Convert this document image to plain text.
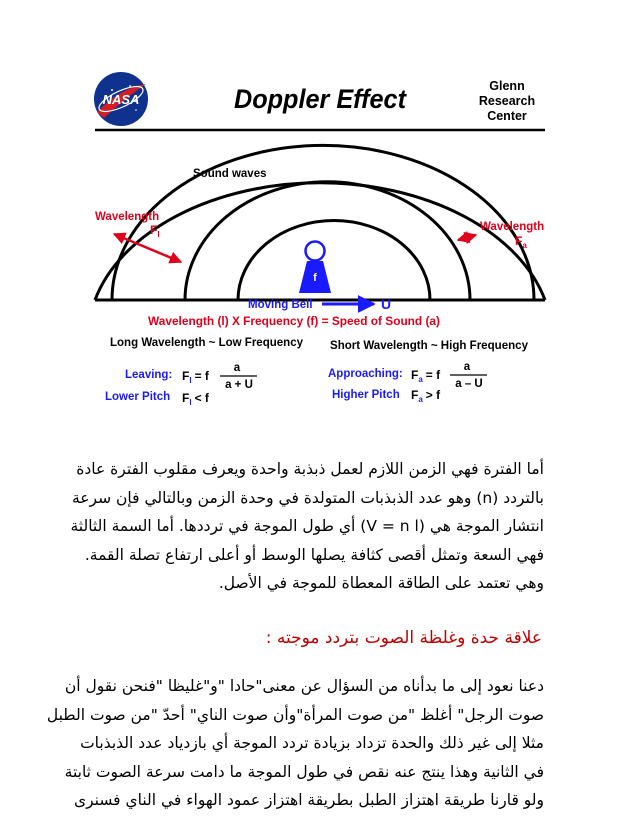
NASA	Doppler Effect	Glenn
Research
Center
Sound waves
f
Wavelength
$F_l$
Wavelength
$F_a$
Moving Bell	U
Wavelength (l) X Frequency (f) = Speed of Sound (a)
Long Wavelength ~ Low Frequency Short Wavelength ~ High Frequency
Leaving: $F_l = f$
a
a + U
Lower Pitch $F_l < f$
Approaching: $F_a = f$
a
a – U
Higher Pitch $F_a > f$
أما الفترة فهي الزمن اللازم لعمل ذبذبة واحدة ويعرف مقلوب الفترة عادة
بالتردد (n) وهو عدد الذبذبات المتولدة في وحدة الزمن وبالتالي فإن سرعة
انتشار الموجة هي (V = n l) أي طول الموجة في ترددها. أما السمة الثالثة
فهي السعة وتمثل أقصى كثافة يصلها الوسط أو أعلى ارتفاع تصلة القمة.
وهي تعتمد على الطاقة المعطاة للموجة في الأصل.
علاقة حدة وغلظة الصوت بتردد موجته :
دعنا نعود إلى ما بدأناه من السؤال عن معنى"حادا "و"غليظا "فنحن نقول أن
صوت الرجل" أغلظ "من صوت المرأة"وأن صوت الناي" أحدّ "من صوت الطبل
مثلا إلى غير ذلك والحدة تزداد بزيادة تردد الموجة أي بازدياد عدد الذبذبات
في الثانية وهذا ينتج عنه نقص في طول الموجة ما دامت سرعة الصوت ثابتة
ولو قارنا طريقة اهتزاز الطبل بطريقة اهتزاز عمود الهواء في الناي فسنرى
